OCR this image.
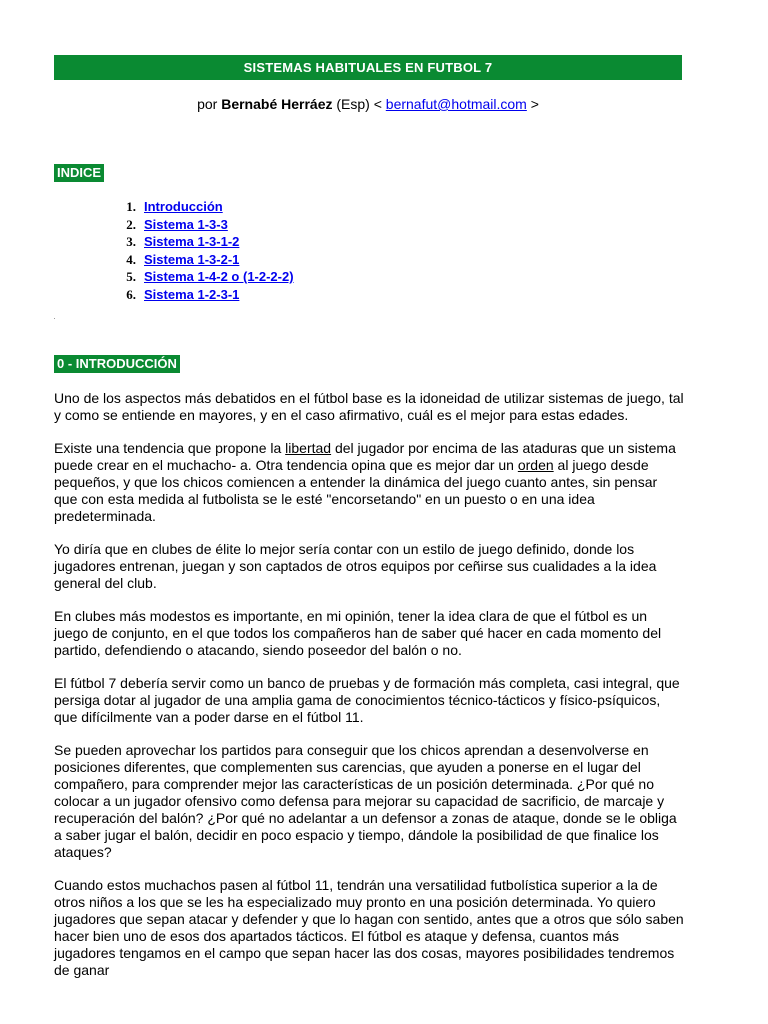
SISTEMAS HABITUALES EN FUTBOL 7
por Bernabé Herráez (Esp) < bernafut@hotmail.com >
INDICE
1. Introducción
2. Sistema 1-3-3
3. Sistema 1-3-1-2
4. Sistema 1-3-2-1
5. Sistema 1-4-2 o (1-2-2-2)
6. Sistema 1-2-3-1
0 - INTRODUCCIÓN

Uno de los aspectos más debatidos en el fútbol base es la idoneidad de utilizar sistemas de juego, tal y como se entiende en mayores, y en el caso afirmativo, cuál es el mejor para estas edades.

Existe una tendencia que propone la libertad del jugador por encima de las ataduras que un sistema puede crear en el muchacho- a. Otra tendencia opina que es mejor dar un orden al juego desde pequeños, y que los chicos comiencen a entender la dinámica del juego cuanto antes, sin pensar que con esta medida al futbolista se le esté "encorsetando" en un puesto o en una idea predeterminada.

Yo diría que en clubes de élite lo mejor sería contar con un estilo de juego definido, donde los jugadores entrenan, juegan y son captados de otros equipos por ceñirse sus cualidades a la idea general del club.

En clubes más modestos es importante, en mi opinión, tener la idea clara de que el fútbol es un juego de conjunto, en el que todos los compañeros han de saber qué hacer en cada momento del partido, defendiendo o atacando, siendo poseedor del balón o no.

El fútbol 7 debería servir como un banco de pruebas y de formación más completa, casi integral, que persiga dotar al jugador de una amplia gama de conocimientos técnico-tácticos y físico-psíquicos, que difícilmente van a poder darse en el fútbol 11.

Se pueden aprovechar los partidos para conseguir que los chicos aprendan a desenvolverse en posiciones diferentes, que complementen sus carencias, que ayuden a ponerse en el lugar del compañero, para comprender mejor las características de un posición determinada. ¿Por qué no colocar a un jugador ofensivo como defensa para mejorar su capacidad de sacrificio, de marcaje y recuperación del balón? ¿Por qué no adelantar a un defensor a zonas de ataque, donde se le obliga a saber jugar el balón, decidir en poco espacio y tiempo, dándole la posibilidad de que finalice los ataques?

Cuando estos muchachos pasen al fútbol 11, tendrán una versatilidad futbolística superior a la de otros niños a los que se les ha especializado muy pronto en una posición determinada. Yo quiero jugadores que sepan atacar y defender y que lo hagan con sentido, antes que a otros que sólo saben hacer bien uno de esos dos apartados tácticos. El fútbol es ataque y defensa, cuantos más jugadores tengamos en el campo que sepan hacer las dos cosas, mayores posibilidades tendremos de ganar
